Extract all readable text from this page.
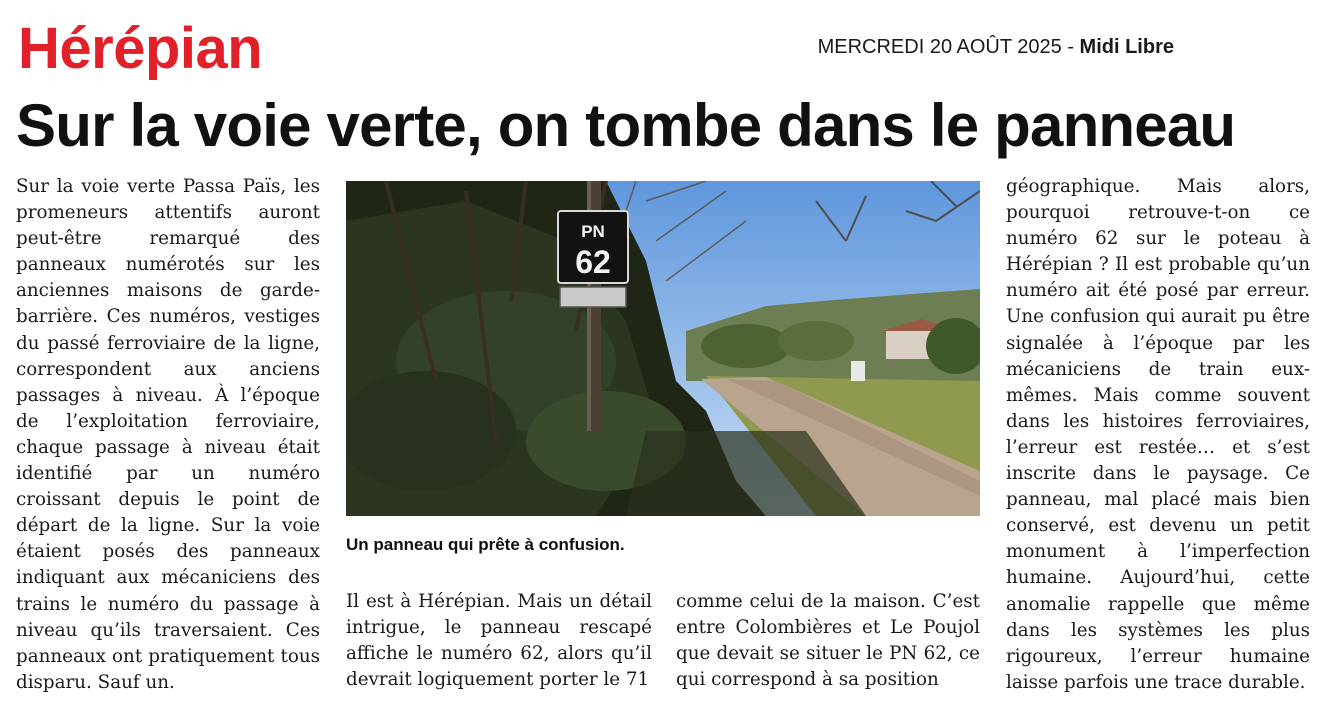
Hérépian	MERCREDI 20 AOÛT 2025 - Midi Libre
Sur la voie verte, on tombe dans le panneau

Sur la voie verte Passa Païs, les promeneurs attentifs auront peut-être remarqué des panneaux numérotés sur les anciennes maisons de garde-barrière. Ces numéros, vestiges du passé ferroviaire de la ligne, correspondent aux anciens passages à niveau. À l’époque de l’exploitation ferroviaire, chaque passage à niveau était identifié par un numéro croissant depuis le point de départ de la ligne. Sur la voie étaient posés des panneaux indiquant aux mécaniciens des trains le numéro du passage à niveau qu’ils traversaient. Ces panneaux ont pratiquement tous disparu. Sauf un.

PN
62
Un panneau qui prête à confusion.

Il est à Hérépian. Mais un détail intrigue, le panneau rescapé affiche le numéro 62, alors qu’il devrait logiquement porter le 71

comme celui de la maison. C’est entre Colombières et Le Poujol que devait se situer le PN 62, ce qui correspond à sa position

géographique. Mais alors, pourquoi retrouve-t-on ce numéro 62 sur le poteau à Hérépian ? Il est probable qu’un numéro ait été posé par erreur. Une confusion qui aurait pu être signalée à l’époque par les mécaniciens de train eux-mêmes. Mais comme souvent dans les histoires ferroviaires, l’erreur est restée… et s’est inscrite dans le paysage. Ce panneau, mal placé mais bien conservé, est devenu un petit monument à l’imperfection humaine. Aujourd’hui, cette anomalie rappelle que même dans les systèmes les plus rigoureux, l’erreur humaine laisse parfois une trace durable.
